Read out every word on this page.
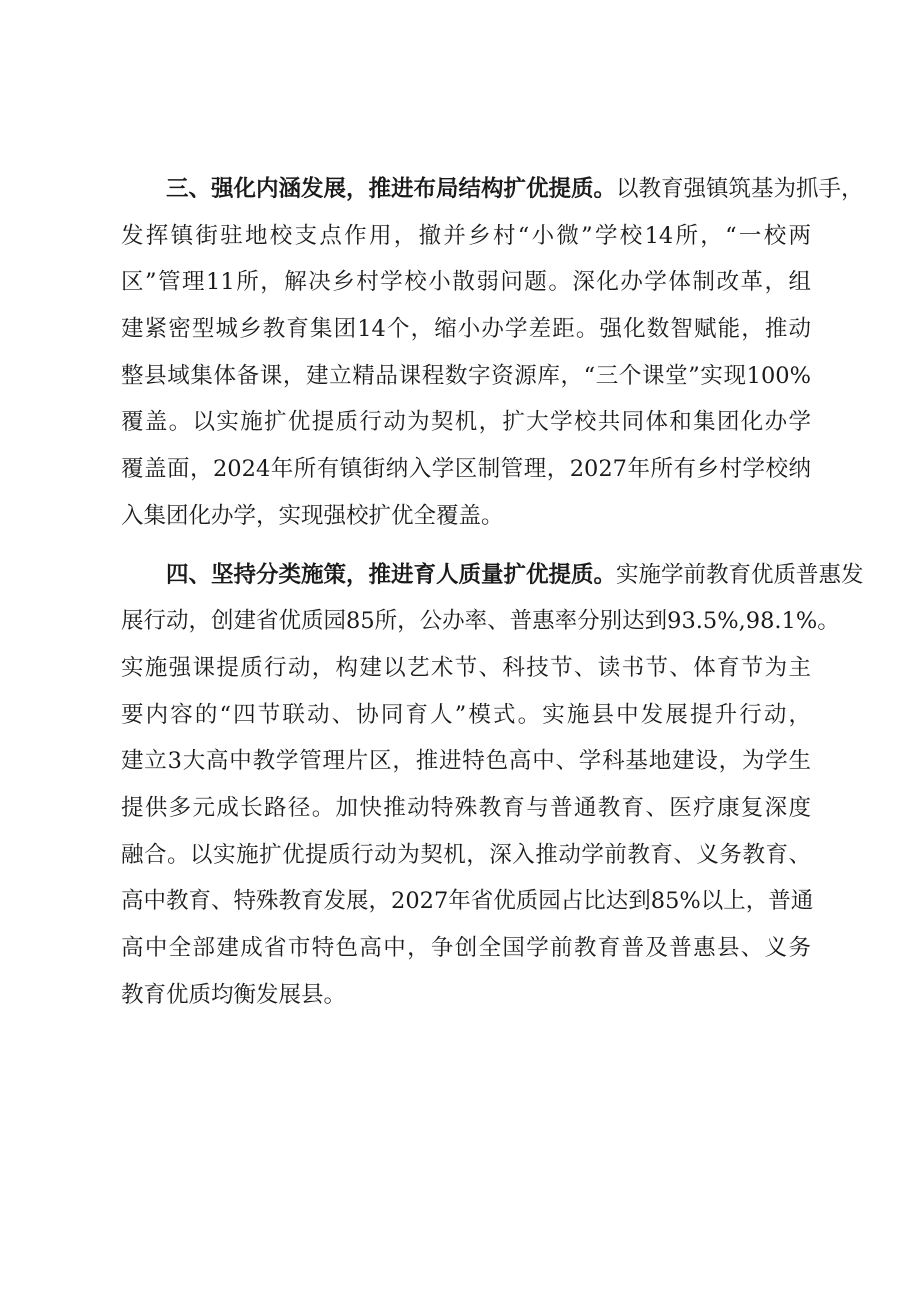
三、强化内涵发展，推进布局结构扩优提质。以教育强镇筑基为抓手，
发挥镇街驻地校支点作用，撤并乡村“小微”学校14所，“一校两
区”管理11所，解决乡村学校小散弱问题。深化办学体制改革，组
建紧密型城乡教育集团14个，缩小办学差距。强化数智赋能，推动
整县域集体备课，建立精品课程数字资源库，“三个课堂”实现100%
覆盖。以实施扩优提质行动为契机，扩大学校共同体和集团化办学
覆盖面，2024年所有镇街纳入学区制管理，2027年所有乡村学校纳
入集团化办学，实现强校扩优全覆盖。
四、坚持分类施策，推进育人质量扩优提质。实施学前教育优质普惠发
展行动，创建省优质园85所，公办率、普惠率分别达到93.5%,98.1%。
实施强课提质行动，构建以艺术节、科技节、读书节、体育节为主
要内容的“四节联动、协同育人”模式。实施县中发展提升行动，
建立3大高中教学管理片区，推进特色高中、学科基地建设，为学生
提供多元成长路径。加快推动特殊教育与普通教育、医疗康复深度
融合。以实施扩优提质行动为契机，深入推动学前教育、义务教育、
高中教育、特殊教育发展，2027年省优质园占比达到85%以上，普通
高中全部建成省市特色高中，争创全国学前教育普及普惠县、义务
教育优质均衡发展县。
